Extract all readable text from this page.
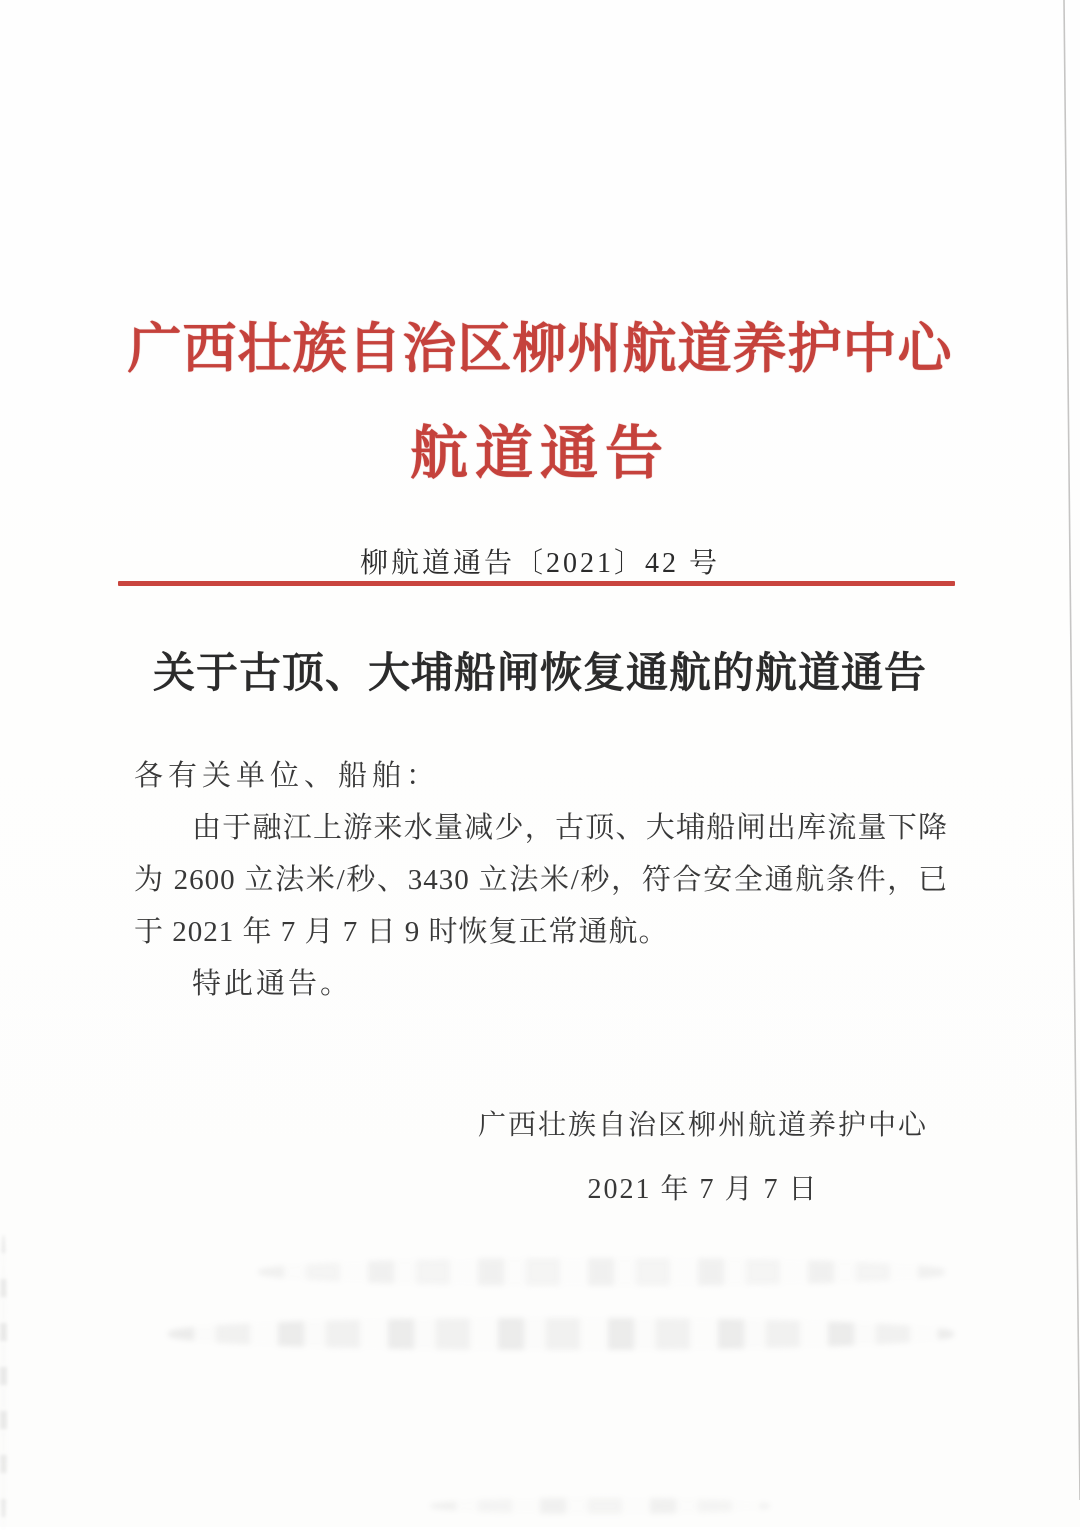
广西壮族自治区柳州航道养护中心
航道通告
柳航道通告〔2021〕42 号
关于古顶、大埔船闸恢复通航的航道通告

各有关单位、船舶：

由于融江上游来水量减少，古顶、大埔船闸出库流量下降为 2600 立法米/秒、3430 立法米/秒，符合安全通航条件，已于 2021 年 7 月 7 日 9 时恢复正常通航。

特此通告。

广西壮族自治区柳州航道养护中心
2021 年 7 月 7 日
